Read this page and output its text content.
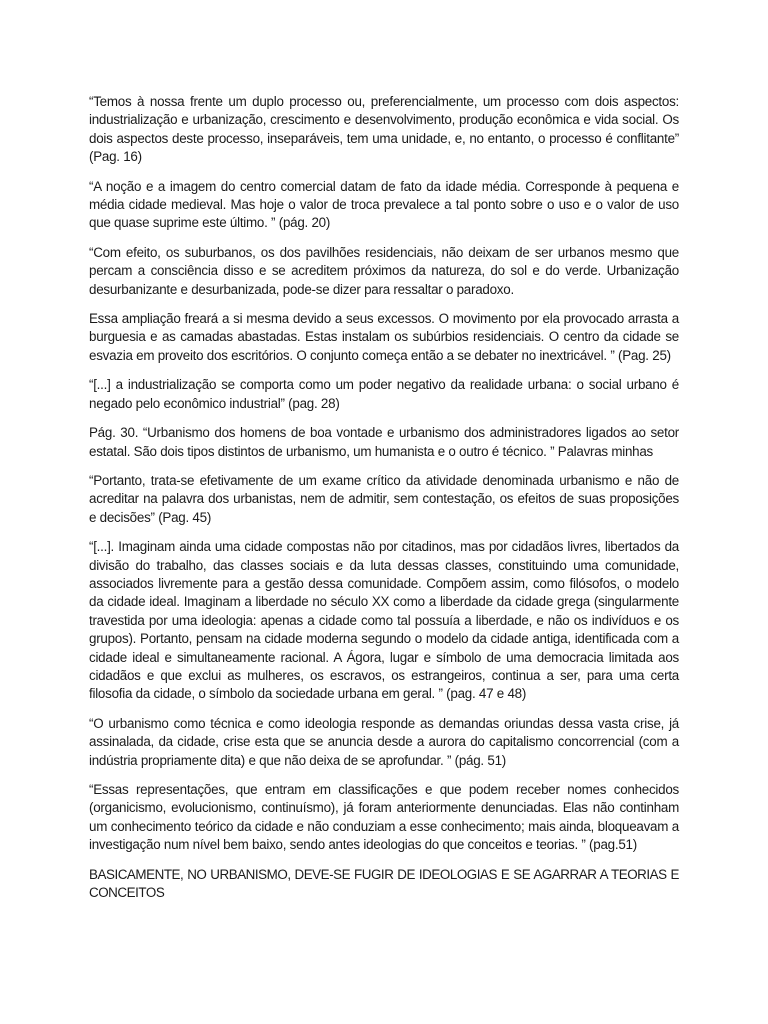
“Temos à nossa frente um duplo processo ou, preferencialmente, um processo com dois aspectos: industrialização e urbanização, crescimento e desenvolvimento, produção econômica e vida social. Os dois aspectos deste processo, inseparáveis, tem uma unidade, e, no entanto, o processo é conflitante” (Pag. 16)

“A noção e a imagem do centro comercial datam de fato da idade média. Corresponde à pequena e média cidade medieval. Mas hoje o valor de troca prevalece a tal ponto sobre o uso e o valor de uso que quase suprime este último. ” (pág. 20)

“Com efeito, os suburbanos, os dos pavilhões residenciais, não deixam de ser urbanos mesmo que percam a consciência disso e se acreditem próximos da natureza, do sol e do verde. Urbanização desurbanizante e desurbanizada, pode-se dizer para ressaltar o paradoxo.

Essa ampliação freará a si mesma devido a seus excessos. O movimento por ela provocado arrasta a burguesia e as camadas abastadas. Estas instalam os subúrbios residenciais. O centro da cidade se esvazia em proveito dos escritórios. O conjunto começa então a se debater no inextricável. ” (Pag. 25)

“[...] a industrialização se comporta como um poder negativo da realidade urbana: o social urbano é negado pelo econômico industrial” (pag. 28)

Pág. 30. “Urbanismo dos homens de boa vontade e urbanismo dos administradores ligados ao setor estatal. São dois tipos distintos de urbanismo, um humanista e o outro é técnico. ” Palavras minhas

“Portanto, trata-se efetivamente de um exame crítico da atividade denominada urbanismo e não de acreditar na palavra dos urbanistas, nem de admitir, sem contestação, os efeitos de suas proposições e decisões” (Pag. 45)

“[...]. Imaginam ainda uma cidade compostas não por citadinos, mas por cidadãos livres, libertados da divisão do trabalho, das classes sociais e da luta dessas classes, constituindo uma comunidade, associados livremente para a gestão dessa comunidade. Compõem assim, como filósofos, o modelo da cidade ideal. Imaginam a liberdade no século XX como a liberdade da cidade grega (singularmente travestida por uma ideologia: apenas a cidade como tal possuía a liberdade, e não os indivíduos e os grupos). Portanto, pensam na cidade moderna segundo o modelo da cidade antiga, identificada com a cidade ideal e simultaneamente racional. A Ágora, lugar e símbolo de uma democracia limitada aos cidadãos e que exclui as mulheres, os escravos, os estrangeiros, continua a ser, para uma certa filosofia da cidade, o símbolo da sociedade urbana em geral. ” (pag. 47 e 48)

“O urbanismo como técnica e como ideologia responde as demandas oriundas dessa vasta crise, já assinalada, da cidade, crise esta que se anuncia desde a aurora do capitalismo concorrencial (com a indústria propriamente dita) e que não deixa de se aprofundar. ” (pág. 51)

“Essas representações, que entram em classificações e que podem receber nomes conhecidos (organicismo, evolucionismo, continuísmo), já foram anteriormente denunciadas. Elas não continham um conhecimento teórico da cidade e não conduziam a esse conhecimento; mais ainda, bloqueavam a investigação num nível bem baixo, sendo antes ideologias do que conceitos e teorias. ” (pag.51)

BASICAMENTE, NO URBANISMO, DEVE-SE FUGIR DE IDEOLOGIAS E SE AGARRAR A TEORIAS E CONCEITOS
